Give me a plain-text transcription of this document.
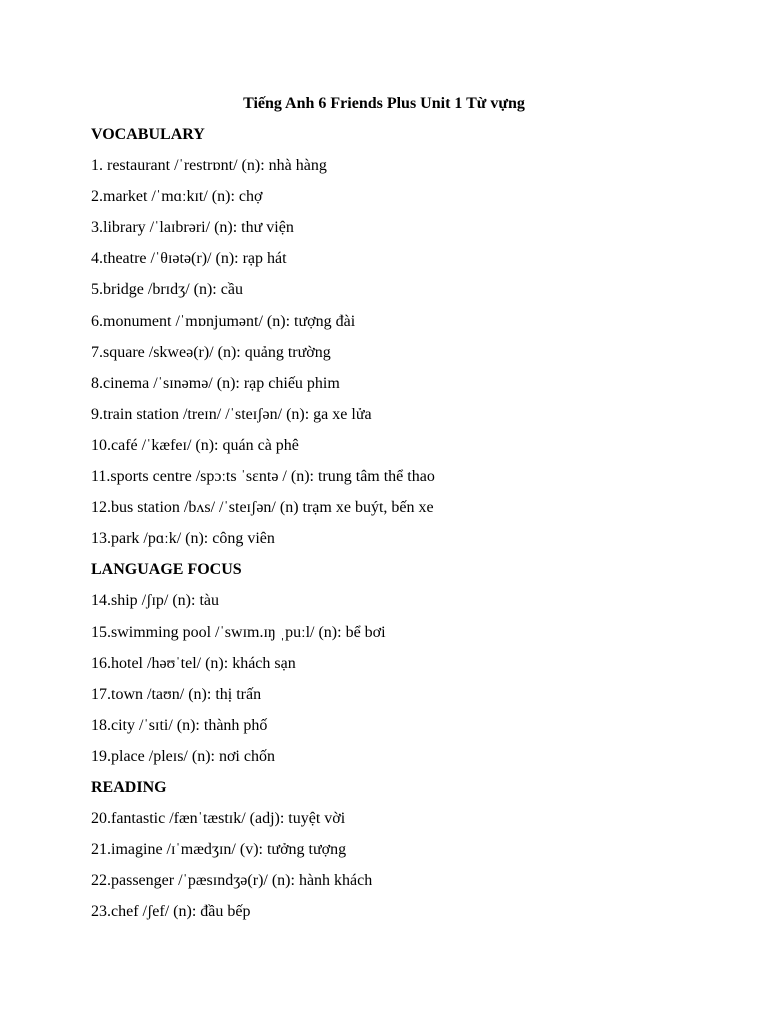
Tiếng Anh 6 Friends Plus Unit 1 Từ vựng
VOCABULARY
1. restaurant /ˈrestrɒnt/ (n): nhà hàng
2.market /ˈmɑːkɪt/ (n): chợ
3.library /ˈlaɪbrəri/ (n): thư viện
4.theatre /ˈθɪətə(r)/ (n): rạp hát
5.bridge /brɪdʒ/ (n): cầu
6.monument /ˈmɒnjumənt/ (n): tượng đài
7.square /skweə(r)/ (n): quảng trường
8.cinema /ˈsɪnəmə/ (n): rạp chiếu phim
9.train station /treɪn/ /ˈsteɪʃən/ (n): ga xe lửa
10.café /ˈkæfeɪ/ (n): quán cà phê
11.sports centre /spɔːts ˈsɛntə / (n): trung tâm thể thao
12.bus station /bʌs/ /ˈsteɪʃən/ (n) trạm xe buýt, bến xe
13.park /pɑːk/ (n): công viên
LANGUAGE FOCUS
14.ship /ʃɪp/ (n): tàu
15.swimming pool /ˈswɪm.ɪŋ ˌpuːl/ (n): bể bơi
16.hotel /həʊˈtel/ (n): khách sạn
17.town /taʊn/ (n): thị trấn
18.city /ˈsɪti/ (n): thành phố
19.place /pleɪs/ (n): nơi chốn
READING
20.fantastic /fænˈtæstɪk/ (adj): tuyệt vời
21.imagine /ɪˈmædʒɪn/ (v): tưởng tượng
22.passenger /ˈpæsɪndʒə(r)/ (n): hành khách
23.chef /ʃef/ (n): đầu bếp
